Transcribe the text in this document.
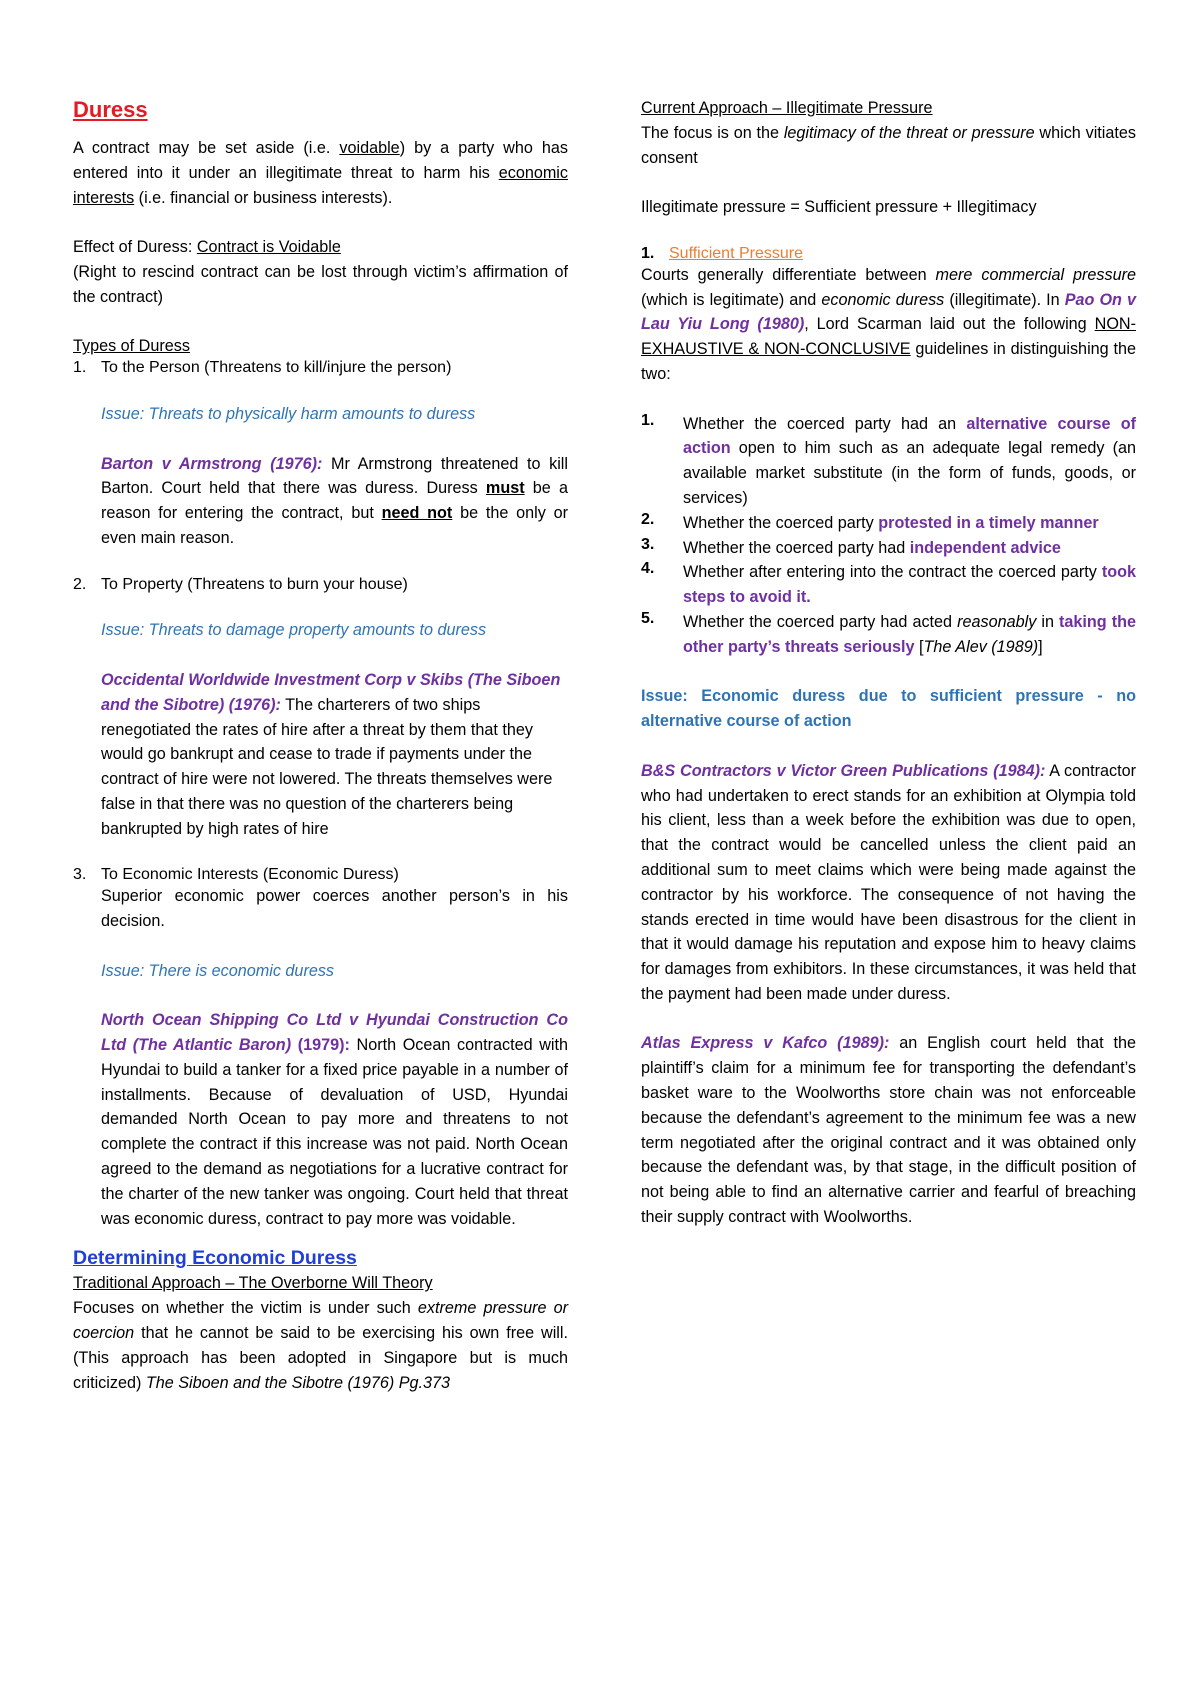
Duress

A contract may be set aside (i.e. voidable) by a party who has entered into it under an illegitimate threat to harm his economic interests (i.e. financial or business interests).

Effect of Duress: Contract is Voidable

(Right to rescind contract can be lost through victim’s affirmation of the contract)

Types of Duress

1. To the Person (Threatens to kill/injure the person)

Issue: Threats to physically harm amounts to duress

Barton v Armstrong (1976): Mr Armstrong threatened to kill Barton. Court held that there was duress. Duress must be a reason for entering the contract, but need not be the only or even main reason.

2. To Property (Threatens to burn your house)

Issue: Threats to damage property amounts to duress

Occidental Worldwide Investment Corp v Skibs (The Siboen and the Sibotre) (1976): The charterers of two ships renegotiated the rates of hire after a threat by them that they would go bankrupt and cease to trade if payments under the contract of hire were not lowered. The threats themselves were false in that there was no question of the charterers being bankrupted by high rates of hire

3. To Economic Interests (Economic Duress)

Superior economic power coerces another person’s in his decision.

Issue: There is economic duress

North Ocean Shipping Co Ltd v Hyundai Construction Co Ltd (The Atlantic Baron) (1979): North Ocean contracted with Hyundai to build a tanker for a fixed price payable in a number of installments. Because of devaluation of USD, Hyundai demanded North Ocean to pay more and threatens to not complete the contract if this increase was not paid. North Ocean agreed to the demand as negotiations for a lucrative contract for the charter of the new tanker was ongoing. Court held that threat was economic duress, contract to pay more was voidable.

Determining Economic Duress

Traditional Approach – The Overborne Will Theory

Focuses on whether the victim is under such extreme pressure or coercion that he cannot be said to be exercising his own free will. (This approach has been adopted in Singapore but is much criticized) The Siboen and the Sibotre (1976) Pg.373

Current Approach – Illegitimate Pressure

The focus is on the legitimacy of the threat or pressure which vitiates consent

Illegitimate pressure = Sufficient pressure + Illegitimacy

1. Sufficient Pressure

Courts generally differentiate between mere commercial pressure (which is legitimate) and economic duress (illegitimate). In Pao On v Lau Yiu Long (1980), Lord Scarman laid out the following NON-EXHAUSTIVE & NON-CONCLUSIVE guidelines in distinguishing the two:

1.	Whether the coerced party had an alternative course of action open to him such as an adequate legal remedy (an available market substitute (in the form of funds, goods, or services)

2.	Whether the coerced party protested in a timely manner

3.	Whether the coerced party had independent advice

4.	Whether after entering into the contract the coerced party took steps to avoid it.

5.	Whether the coerced party had acted reasonably in taking the other party’s threats seriously [The Alev (1989)]

Issue: Economic duress due to sufficient pressure - no alternative course of action

B&S Contractors v Victor Green Publications (1984): A contractor who had undertaken to erect stands for an exhibition at Olympia told his client, less than a week before the exhibition was due to open, that the contract would be cancelled unless the client paid an additional sum to meet claims which were being made against the contractor by his workforce. The consequence of not having the stands erected in time would have been disastrous for the client in that it would damage his reputation and expose him to heavy claims for damages from exhibitors. In these circumstances, it was held that the payment had been made under duress.

Atlas Express v Kafco (1989): an English court held that the plaintiff’s claim for a minimum fee for transporting the defendant’s basket ware to the Woolworths store chain was not enforceable because the defendant’s agreement to the minimum fee was a new term negotiated after the original contract and it was obtained only because the defendant was, by that stage, in the difficult position of not being able to find an alternative carrier and fearful of breaching their supply contract with Woolworths.
